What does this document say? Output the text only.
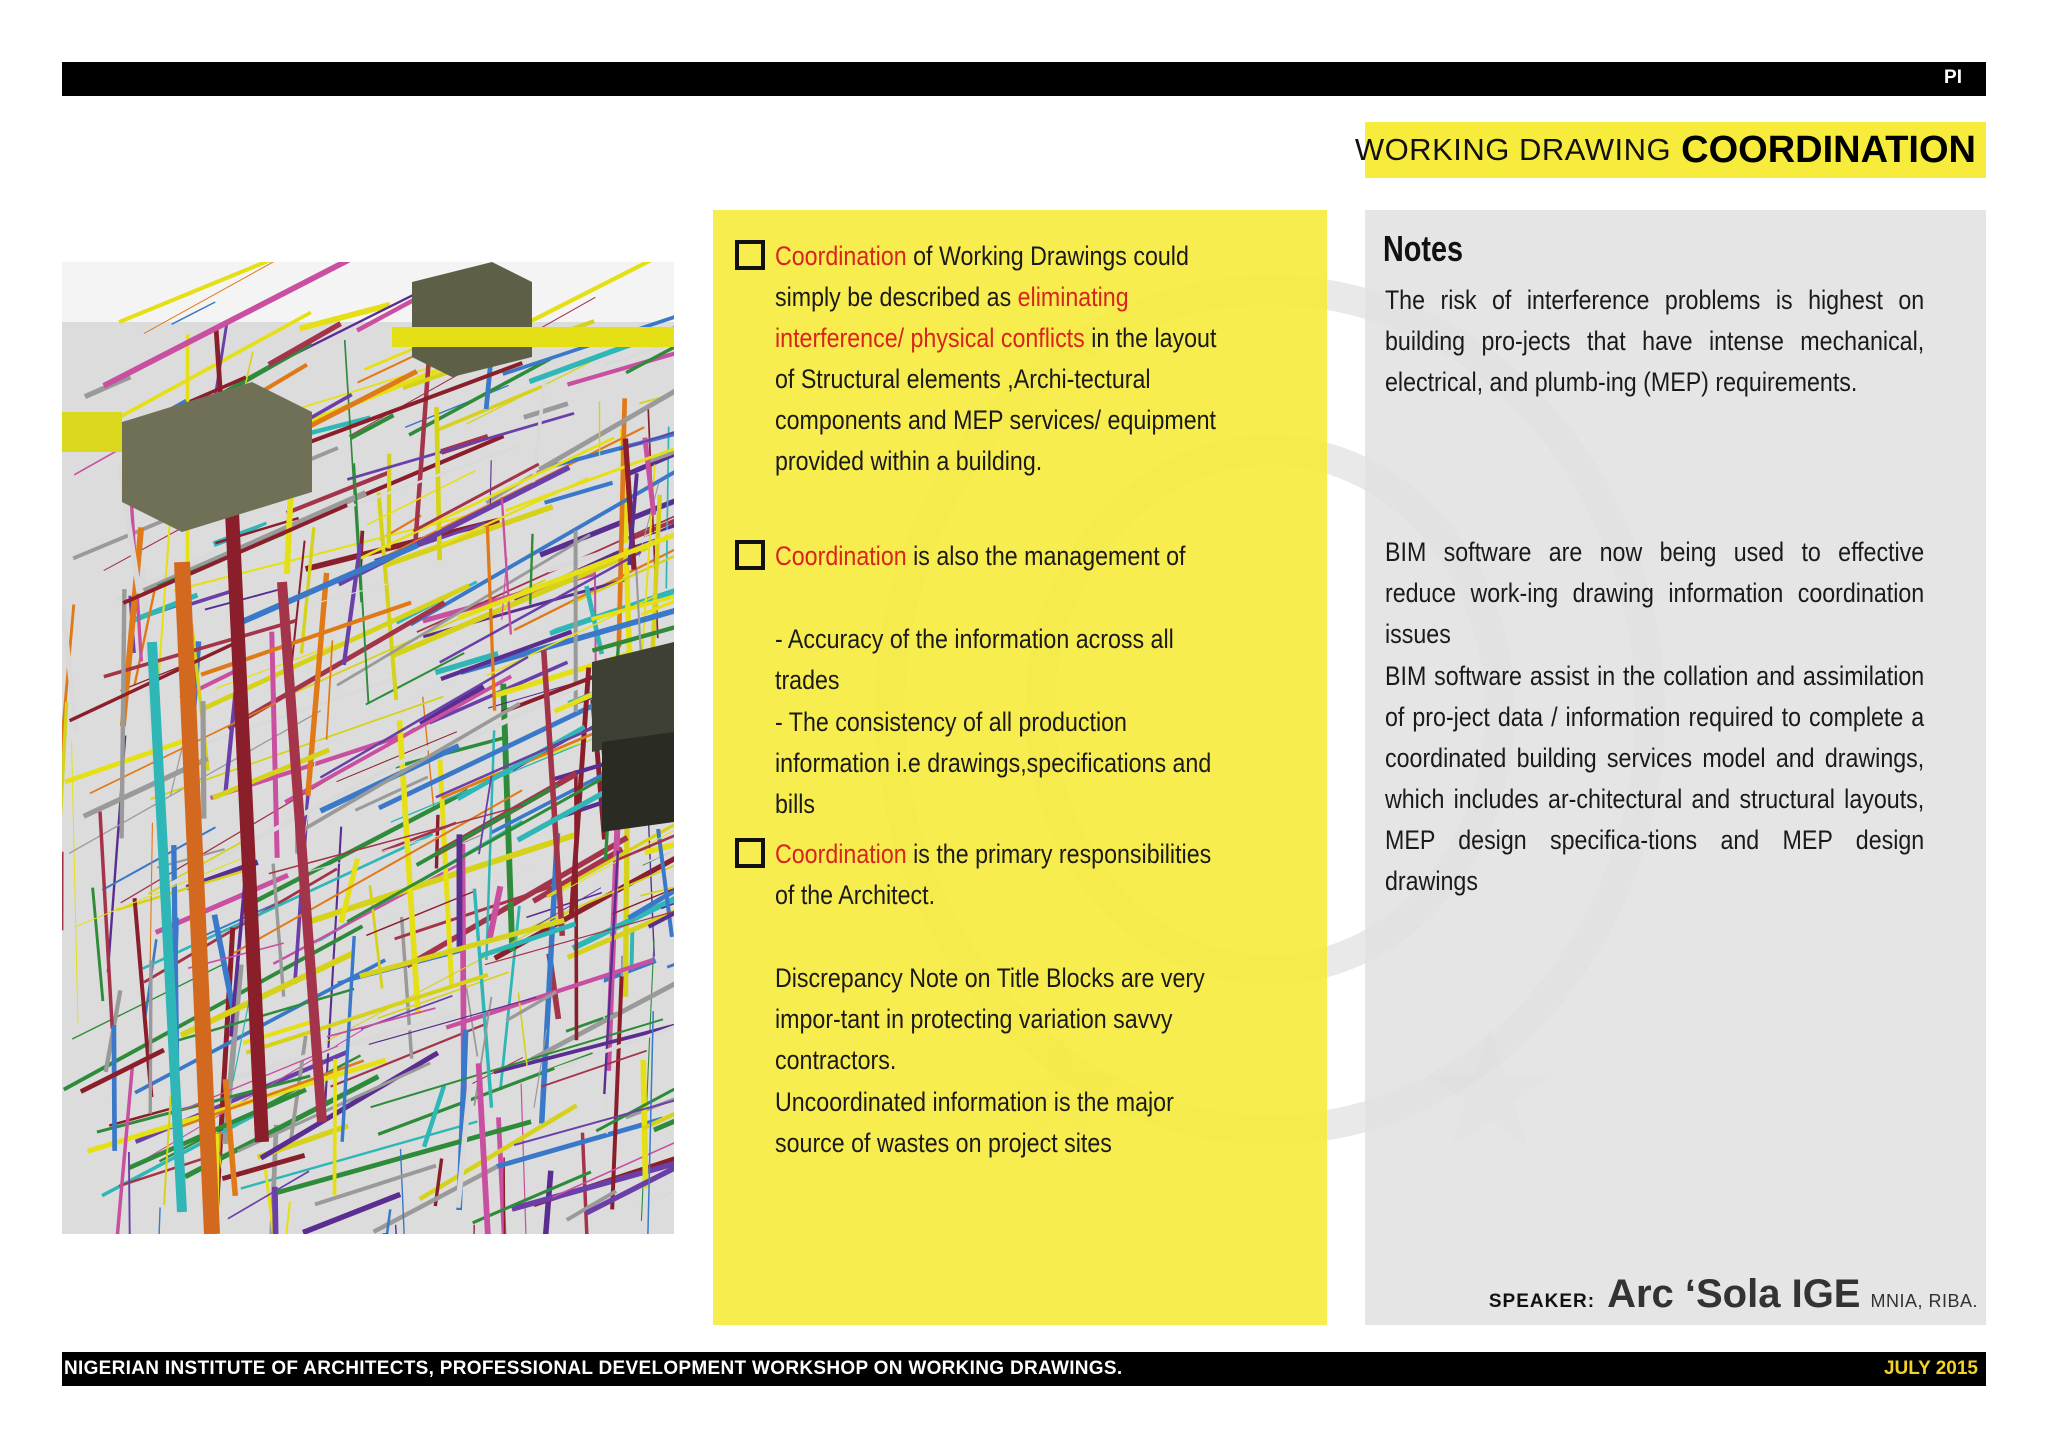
PI
WORKING DRAWING COORDINATION
Coordination of Working Drawings could simply be described as eliminating interference/ physical conflicts in the layout of Structural elements ,Archi-tectural components and MEP services/ equipment provided within a building.
Coordination is also the management of
- Accuracy of the information across all trades
- The consistency of all production information i.e drawings,specifications and bills
Coordination is the primary responsibilities of the Architect.
Discrepancy Note on Title Blocks are very impor-tant in protecting variation savvy contractors.
Uncoordinated information is the major source of wastes on project sites
Notes
The risk of interference problems is highest on building pro-jects that have intense mechanical, electrical, and plumb-ing (MEP) requirements.
BIM software are now being used to effective reduce work-ing drawing information coordination issues
BIM software assist in the collation and assimilation of pro-ject data / information required to complete a coordinated building services model and drawings, which includes ar-chitectural and structural layouts, MEP design specifica-tions and MEP design drawings
SPEAKER: Arc ‘Sola IGE MNIA, RIBA.
NIGERIAN INSTITUTE OF ARCHITECTS, PROFESSIONAL DEVELOPMENT WORKSHOP ON WORKING DRAWINGS.	JULY 2015
